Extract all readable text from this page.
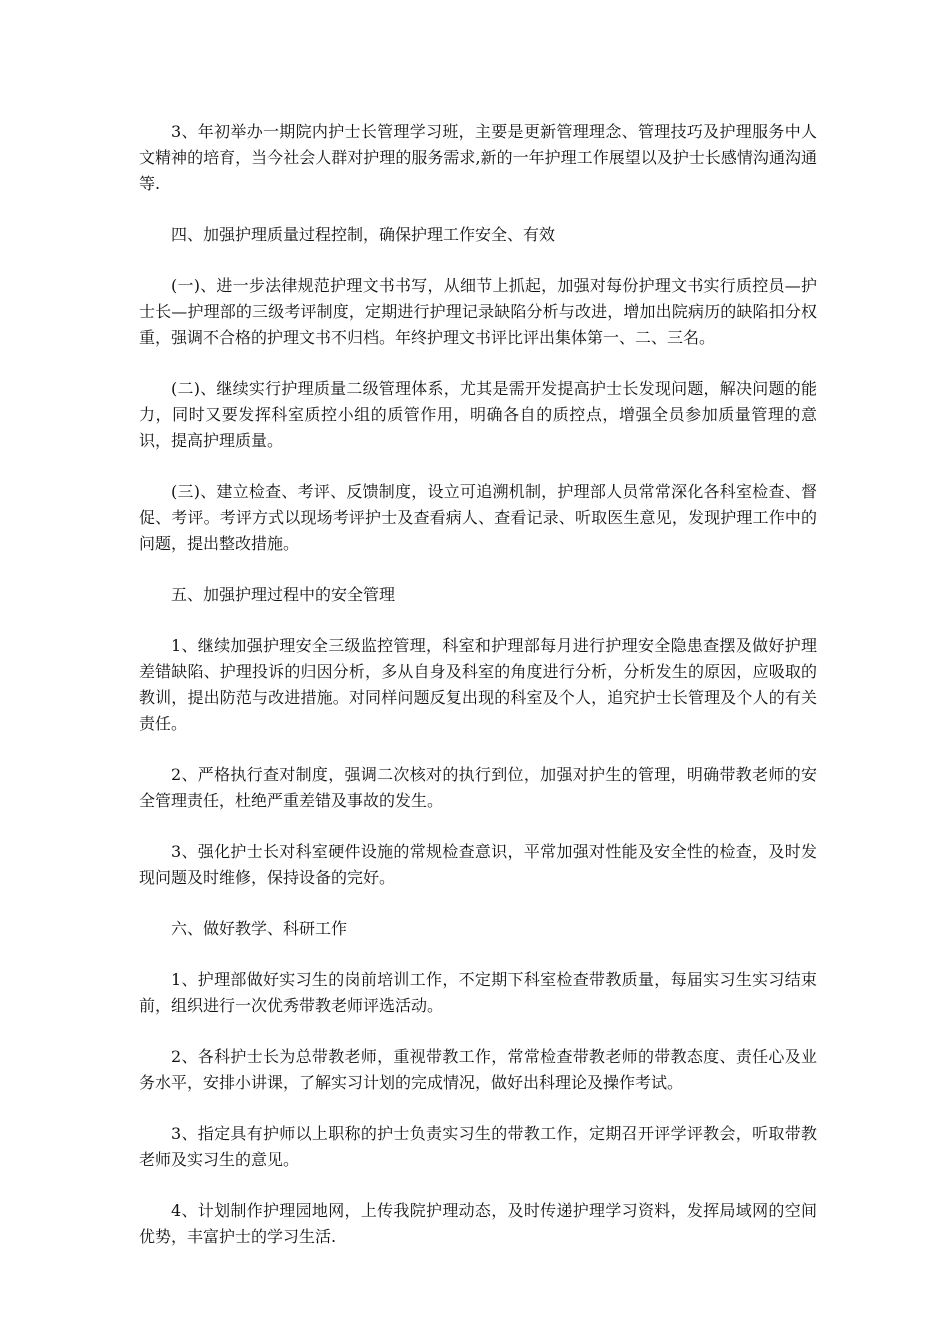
3、年初举办一期院内护士长管理学习班，主要是更新管理理念、管理技巧及护理服务中人文精神的培育，当今社会人群对护理的服务需求,新的一年护理工作展望以及护士长感情沟通沟通等.

四、加强护理质量过程控制，确保护理工作安全、有效

(一)、进一步法律规范护理文书书写，从细节上抓起，加强对每份护理文书实行质控员—护士长—护理部的三级考评制度，定期进行护理记录缺陷分析与改进，增加出院病历的缺陷扣分权重，强调不合格的护理文书不归档。年终护理文书评比评出集体第一、二、三名。

(二)、继续实行护理质量二级管理体系，尤其是需开发提高护士长发现问题，解决问题的能力，同时又要发挥科室质控小组的质管作用，明确各自的质控点，增强全员参加质量管理的意识，提高护理质量。

(三)、建立检查、考评、反馈制度，设立可追溯机制，护理部人员常常深化各科室检查、督促、考评。考评方式以现场考评护士及查看病人、查看记录、听取医生意见，发现护理工作中的问题，提出整改措施。

五、加强护理过程中的安全管理

1、继续加强护理安全三级监控管理，科室和护理部每月进行护理安全隐患查摆及做好护理差错缺陷、护理投诉的归因分析，多从自身及科室的角度进行分析，分析发生的原因，应吸取的教训，提出防范与改进措施。对同样问题反复出现的科室及个人，追究护士长管理及个人的有关责任。

2、严格执行查对制度，强调二次核对的执行到位，加强对护生的管理，明确带教老师的安全管理责任，杜绝严重差错及事故的发生。

3、强化护士长对科室硬件设施的常规检查意识，平常加强对性能及安全性的检查，及时发现问题及时维修，保持设备的完好。

六、做好教学、科研工作

1、护理部做好实习生的岗前培训工作，不定期下科室检查带教质量，每届实习生实习结束前，组织进行一次优秀带教老师评选活动。

2、各科护士长为总带教老师，重视带教工作，常常检查带教老师的带教态度、责任心及业务水平，安排小讲课，了解实习计划的完成情况，做好出科理论及操作考试。

3、指定具有护师以上职称的护士负责实习生的带教工作，定期召开评学评教会，听取带教老师及实习生的意见。

4、计划制作护理园地网，上传我院护理动态，及时传递护理学习资料，发挥局域网的空间优势，丰富护士的学习生活.
